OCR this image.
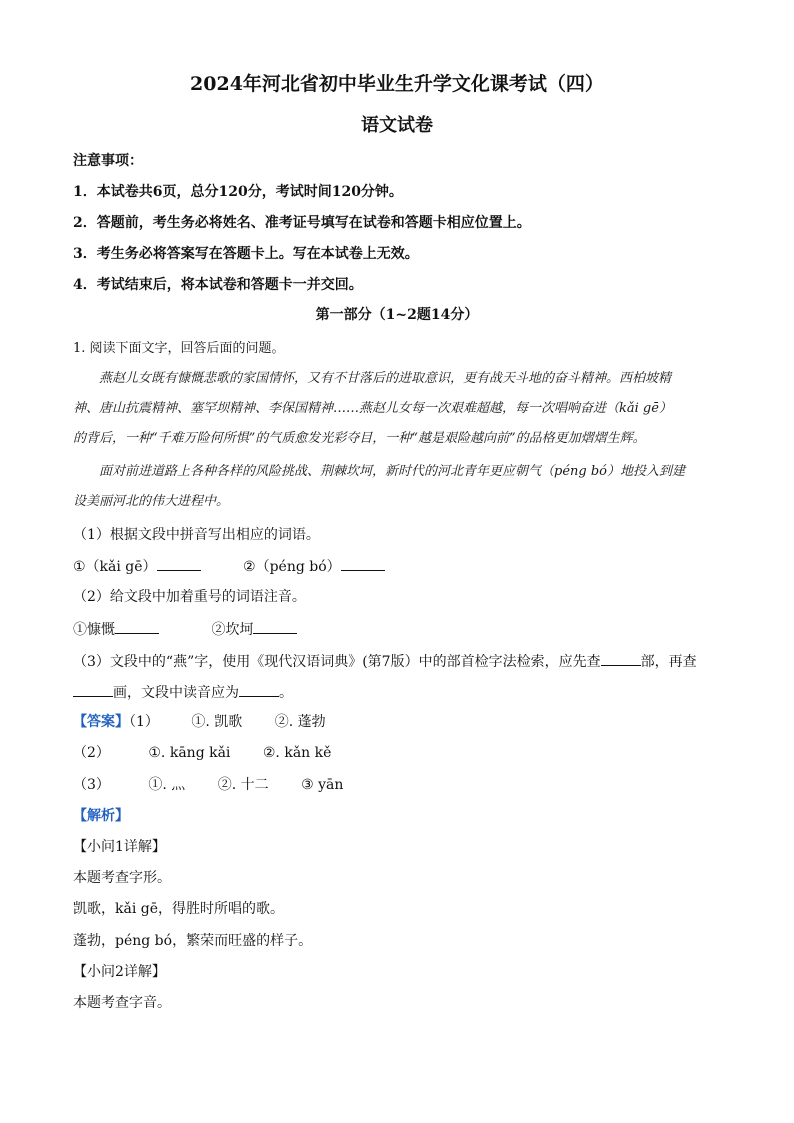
2024年河北省初中毕业生升学文化课考试（四）
语文试卷
注意事项：
1．本试卷共6页，总分120分，考试时间120分钟。
2．答题前，考生务必将姓名、准考证号填写在试卷和答题卡相应位置上。
3．考生务必将答案写在答题卡上。写在本试卷上无效。
4．考试结束后，将本试卷和答题卡一并交回。
第一部分（1~2题14分）
1. 阅读下面文字，回答后面的问题。
燕赵儿女既有慷慨悲歌的家国情怀，又有不甘落后的进取意识，更有战天斗地的奋斗精神。西柏坡精
神、唐山抗震精神、塞罕坝精神、李保国精神……燕赵儿女每一次艰难超越，每一次唱响奋进（kǎi gē）
的背后，一种“千难万险何所惧”的气质愈发光彩夺目，一种“越是艰险越向前”的品格更加熠熠生辉。
面对前进道路上各种各样的风险挑战、荆棘坎坷，新时代的河北青年更应朝气（péng bó）地投入到建
设美丽河北的伟大进程中。
（1）根据文段中拼音写出相应的词语。
①（kǎi gē）	②（péng bó）
（2）给文段中加着重号的词语注音。
①慷慨	②坎坷
（3）文段中的“燕”字，使用《现代汉语词典》(第7版）中的部首检字法检索，应先查	部，再查
画，文段中读音应为	。
【答案】（1） ①. 凯歌 ②. 蓬勃
（2）	①. kāng kǎi ②. kǎn kě
（3）	①. 灬 ②. 十二 ③ yān
【解析】
【小问1详解】
本题考查字形。
凯歌，kǎi gē，得胜时所唱的歌。
蓬勃，péng bó，繁荣而旺盛的样子。
【小问2详解】
本题考查字音。
